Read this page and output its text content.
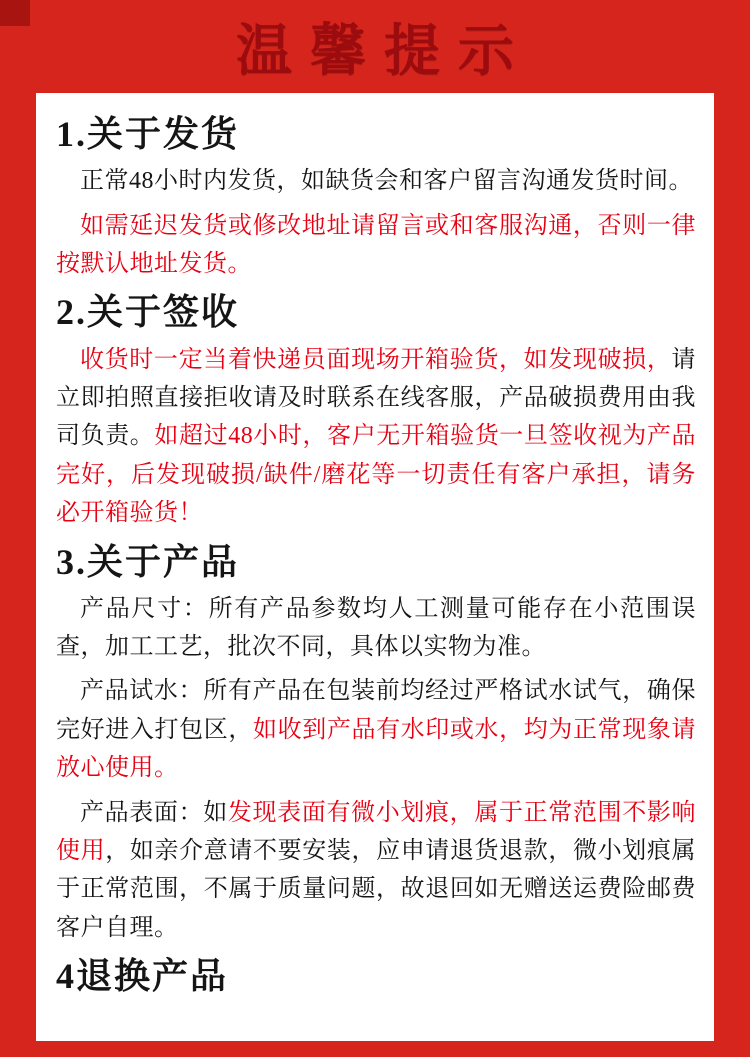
温馨提示
1.关于发货

正常48小时内发货，如缺货会和客户留言沟通发货时间。

如需延迟发货或修改地址请留言或和客服沟通，否则一律按默认地址发货。

2.关于签收

收货时一定当着快递员面现场开箱验货，如发现破损，请立即拍照直接拒收请及时联系在线客服，产品破损费用由我司负责。如超过48小时，客户无开箱验货一旦签收视为产品完好，后发现破损/缺件/磨花等一切责任有客户承担，请务必开箱验货！

3.关于产品

产品尺寸：所有产品参数均人工测量可能存在小范围误查，加工工艺，批次不同，具体以实物为准。

产品试水：所有产品在包装前均经过严格试水试气，确保完好进入打包区，如收到产品有水印或水，均为正常现象请放心使用。

产品表面：如发现表面有微小划痕，属于正常范围不影响使用，如亲介意请不要安装，应申请退货退款，微小划痕属于正常范围，不属于质量问题，故退回如无赠送运费险邮费客户自理。

4退换产品
